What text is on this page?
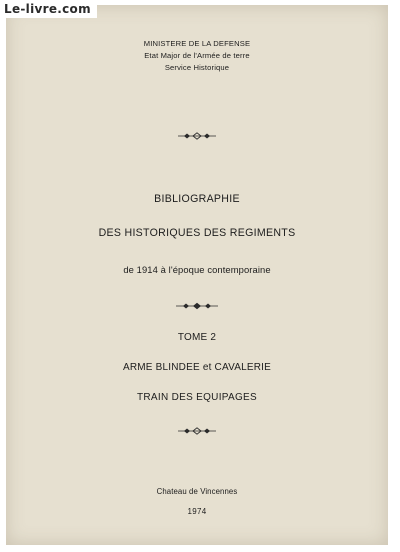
Le-livre.com
MINISTERE DE LA DEFENSE
Etat Major de l'Armée de terre
Service Historique
BIBLIOGRAPHIE
DES HISTORIQUES DES REGIMENTS
de 1914 à l'époque contemporaine
TOME 2
ARME BLINDEE et CAVALERIE
TRAIN DES EQUIPAGES
Chateau de Vincennes
1974
